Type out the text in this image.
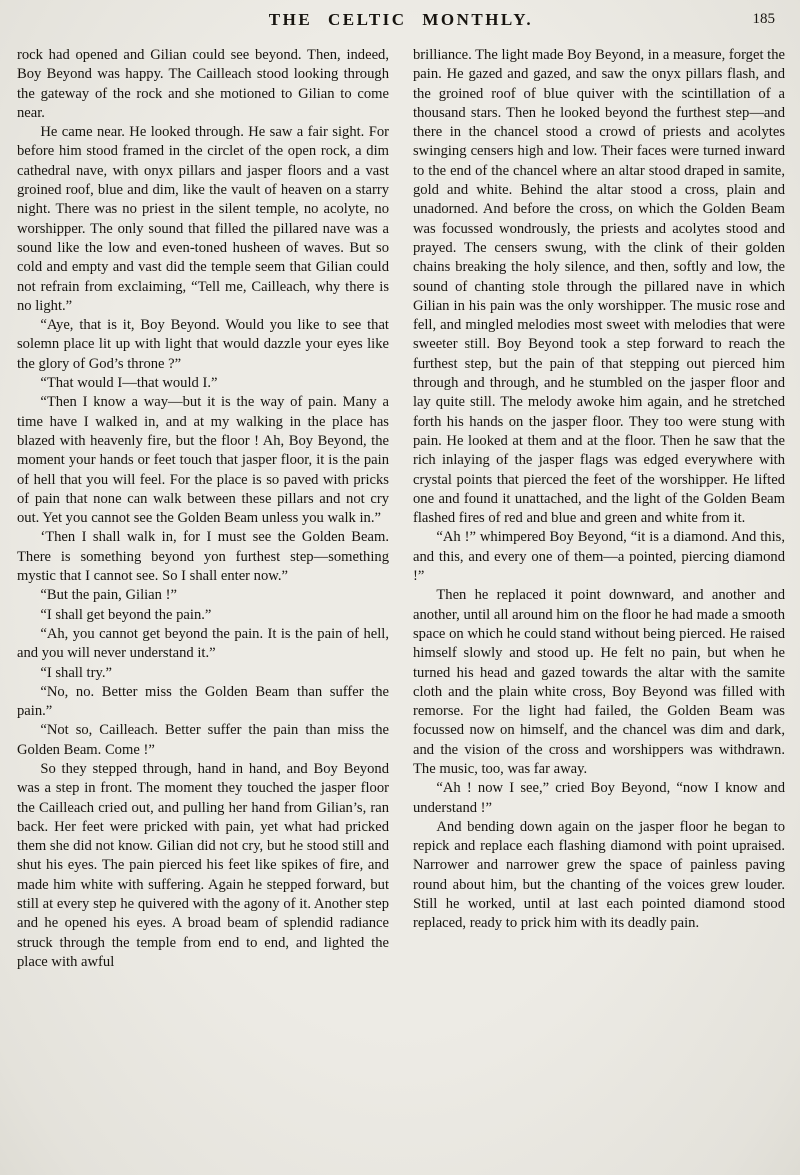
THE CELTIC MONTHLY.	185

rock had opened and Gilian could see beyond. Then, indeed, Boy Beyond was happy. The Cailleach stood looking through the gateway of the rock and she motioned to Gilian to come near.

He came near. He looked through. He saw a fair sight. For before him stood framed in the circlet of the open rock, a dim cathedral nave, with onyx pillars and jasper floors and a vast groined roof, blue and dim, like the vault of heaven on a starry night. There was no priest in the silent temple, no acolyte, no worshipper. The only sound that filled the pillared nave was a sound like the low and even-toned husheen of waves. But so cold and empty and vast did the temple seem that Gilian could not refrain from exclaiming, “Tell me, Cailleach, why there is no light.”

“Aye, that is it, Boy Beyond. Would you like to see that solemn place lit up with light that would dazzle your eyes like the glory of God’s throne ?”

“That would I—that would I.”

“Then I know a way—but it is the way of pain. Many a time have I walked in, and at my walking in the place has blazed with heavenly fire, but the floor ! Ah, Boy Beyond, the moment your hands or feet touch that jasper floor, it is the pain of hell that you will feel. For the place is so paved with pricks of pain that none can walk between these pillars and not cry out. Yet you cannot see the Golden Beam unless you walk in.”

‘Then I shall walk in, for I must see the Golden Beam. There is something beyond yon furthest step—something mystic that I cannot see. So I shall enter now.”

“But the pain, Gilian !”

“I shall get beyond the pain.”

“Ah, you cannot get beyond the pain. It is the pain of hell, and you will never understand it.”

“I shall try.”

“No, no. Better miss the Golden Beam than suffer the pain.”

“Not so, Cailleach. Better suffer the pain than miss the Golden Beam. Come !”

So they stepped through, hand in hand, and Boy Beyond was a step in front. The moment they touched the jasper floor the Cailleach cried out, and pulling her hand from Gilian’s, ran back. Her feet were pricked with pain, yet what had pricked them she did not know. Gilian did not cry, but he stood still and shut his eyes. The pain pierced his feet like spikes of fire, and made him white with suffering. Again he stepped forward, but still at every step he quivered with the agony of it. Another step and he opened his eyes. A broad beam of splendid radiance struck through the temple from end to end, and lighted the place with awful

brilliance. The light made Boy Beyond, in a measure, forget the pain. He gazed and gazed, and saw the onyx pillars flash, and the groined roof of blue quiver with the scintillation of a thousand stars. Then he looked beyond the furthest step—and there in the chancel stood a crowd of priests and acolytes swinging censers high and low. Their faces were turned inward to the end of the chancel where an altar stood draped in samite, gold and white. Behind the altar stood a cross, plain and unadorned. And before the cross, on which the Golden Beam was focussed wondrously, the priests and acolytes stood and prayed. The censers swung, with the clink of their golden chains breaking the holy silence, and then, softly and low, the sound of chanting stole through the pillared nave in which Gilian in his pain was the only worshipper. The music rose and fell, and mingled melodies most sweet with melodies that were sweeter still. Boy Beyond took a step forward to reach the furthest step, but the pain of that stepping out pierced him through and through, and he stumbled on the jasper floor and lay quite still. The melody awoke him again, and he stretched forth his hands on the jasper floor. They too were stung with pain. He looked at them and at the floor. Then he saw that the rich inlaying of the jasper flags was edged everywhere with crystal points that pierced the feet of the worshipper. He lifted one and found it unattached, and the light of the Golden Beam flashed fires of red and blue and green and white from it.

“Ah !” whimpered Boy Beyond, “it is a diamond. And this, and this, and every one of them—a pointed, piercing diamond !”

Then he replaced it point downward, and another and another, until all around him on the floor he had made a smooth space on which he could stand without being pierced. He raised himself slowly and stood up. He felt no pain, but when he turned his head and gazed towards the altar with the samite cloth and the plain white cross, Boy Beyond was filled with remorse. For the light had failed, the Golden Beam was focussed now on himself, and the chancel was dim and dark, and the vision of the cross and worshippers was withdrawn. The music, too, was far away.

“Ah ! now I see,” cried Boy Beyond, “now I know and understand !”

And bending down again on the jasper floor he began to repick and replace each flashing diamond with point upraised. Narrower and narrower grew the space of painless paving round about him, but the chanting of the voices grew louder. Still he worked, until at last each pointed diamond stood replaced, ready to prick him with its deadly pain.
